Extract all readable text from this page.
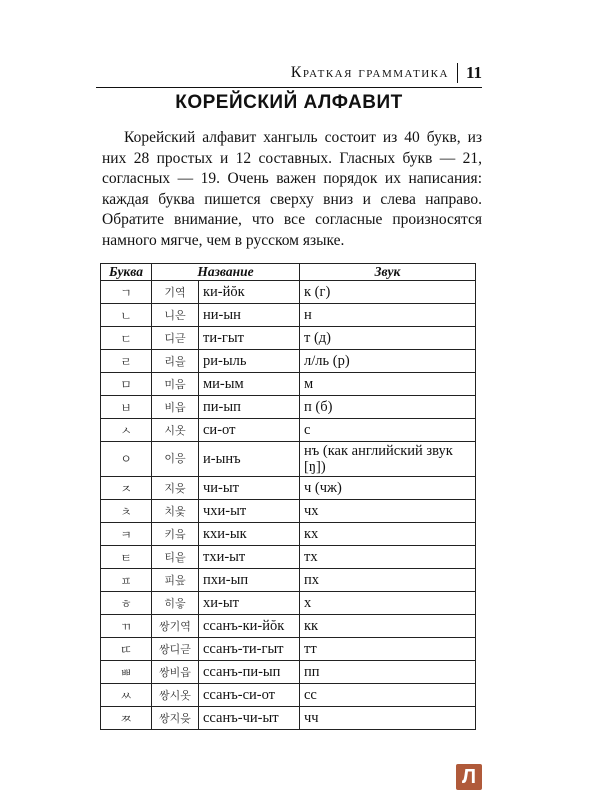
Краткая грамматика 11
КОРЕЙСКИЙ АЛФАВИТ

Корейский алфавит хангыль состоит из 40 букв, из них 28 простых и 12 составных. Гласных букв — 21, согласных — 19. Очень важен порядок их написания: каждая буква пишется сверху вниз и слева направо. Обратите внимание, что все согласные произносятся намного мягче, чем в русском языке.

Буква	Название		Звук
ㄱ	기역	ки-йŏк	к (г)
ㄴ	니은	ни-ын	н
ㄷ	디귿	ти-гыт	т (д)
ㄹ	리을	ри-ыль	л/ль (р)
ㅁ	미음	ми-ым	м
ㅂ	비읍	пи-ып	п (б)
ㅅ	시옷	си-от	с
ㅇ	이응	и-ынъ	нъ (как английский звук [ŋ])
ㅈ	지읒	чи-ыт	ч (чж)
ㅊ	치읓	чхи-ыт	чх
ㅋ	키읔	кхи-ык	кх
ㅌ	티읕	тхи-ыт	тх
ㅍ	피읖	пхи-ып	пх
ㅎ	히읗	хи-ыт	х
ㄲ	쌍기역	ссанъ-ки-йŏк	кк
ㄸ	쌍디귿	ссанъ-ти-гыт	тт
ㅃ	쌍비읍	ссанъ-пи-ып	пп
ㅆ	쌍시옷	ссанъ-си-от	сс
ㅉ	쌍지읒	ссанъ-чи-ыт	чч
Л
